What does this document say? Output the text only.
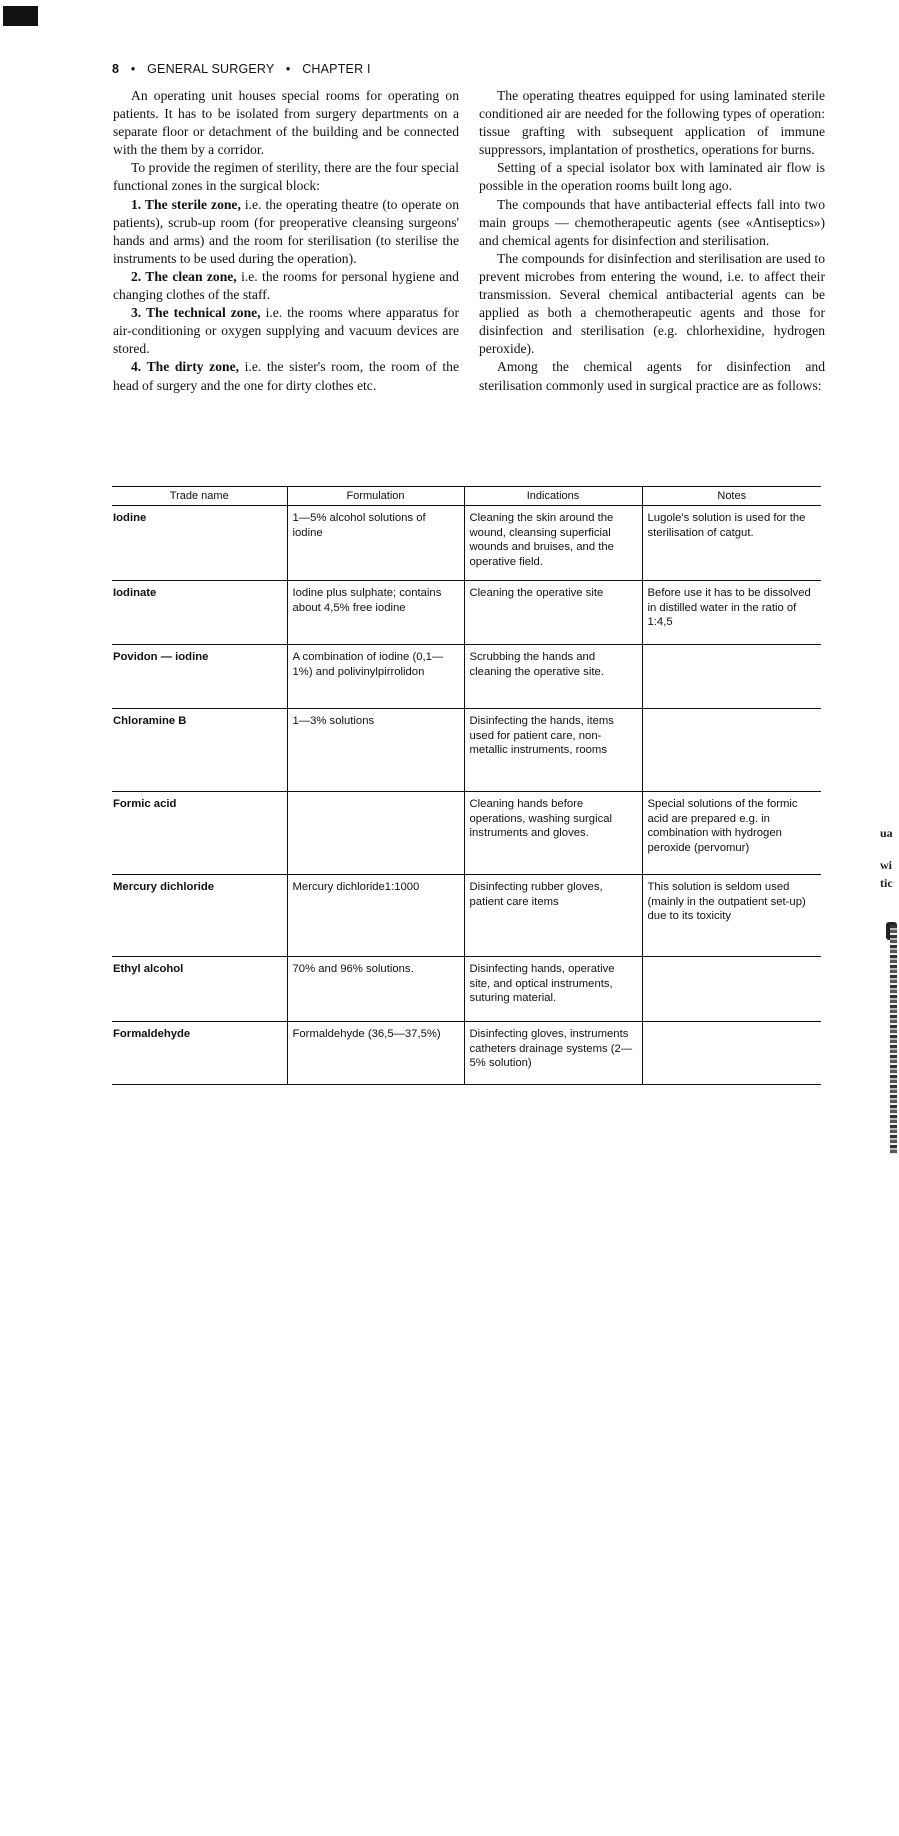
8 • GENERAL SURGERY • CHAPTER I

An operating unit houses special rooms for operating on patients. It has to be isolated from surgery departments on a separate floor or detachment of the building and be connected with the them by a corridor.

To provide the regimen of sterility, there are the four special functional zones in the surgical block:

1. The sterile zone, i.e. the operating theatre (to operate on patients), scrub-up room (for preoperative cleansing surgeons' hands and arms) and the room for sterilisation (to sterilise the instruments to be used during the operation).

2. The clean zone, i.e. the rooms for personal hygiene and changing clothes of the staff.

3. The technical zone, i.e. the rooms where apparatus for air-conditioning or oxygen supplying and vacuum devices are stored.

4. The dirty zone, i.e. the sister's room, the room of the head of surgery and the one for dirty clothes etc.

The operating theatres equipped for using laminated sterile conditioned air are needed for the following types of operation: tissue grafting with subsequent application of immune suppressors, implantation of prosthetics, operations for burns.

Setting of a special isolator box with laminated air flow is possible in the operation rooms built long ago.

The compounds that have antibacterial effects fall into two main groups — chemotherapeutic agents (see «Antiseptics») and chemical agents for disinfection and sterilisation.

The compounds for disinfection and sterilisation are used to prevent microbes from entering the wound, i.e. to affect their transmission. Several chemical antibacterial agents can be applied as both a chemotherapeutic agents and those for disinfection and sterilisation (e.g. chlorhexidine, hydrogen peroxide).

Among the chemical agents for disinfection and sterilisation commonly used in surgical practice are as follows:

Trade name	Formulation	Indications	Notes
Iodine	1—5% alcohol solutions of iodine	Cleaning the skin around the wound, cleansing superficial wounds and bruises, and the operative field.	Lugole's solution is used for the sterilisation of catgut.
Iodinate	Iodine plus sulphate; contains about 4,5% free iodine	Cleaning the operative site	Before use it has to be dissolved in distilled water in the ratio of 1:4,5
Povidon — iodine	A combination of iodine (0,1—1%) and polivinylpirrolidon	Scrubbing the hands and cleaning the operative site.	
Chloramine B	1—3% solutions	Disinfecting the hands, items used for patient care, non-metallic instruments, rooms	
Formic acid		Cleaning hands before operations, washing surgical instruments and gloves.	Special solutions of the formic acid are prepared e.g. in combination with hydrogen peroxide (pervomur)
Mercury dichloride	Mercury dichloride1:1000	Disinfecting rubber gloves, patient care items	This solution is seldom used (mainly in the outpatient set-up) due to its toxicity
Ethyl alcohol	70% and 96% solutions.	Disinfecting hands, operative site, and optical instruments, suturing material.	
Formaldehyde	Formaldehyde (36,5—37,5%)	Disinfecting gloves, instruments catheters drainage systems (2—5% solution)	
ua
wi
tic
